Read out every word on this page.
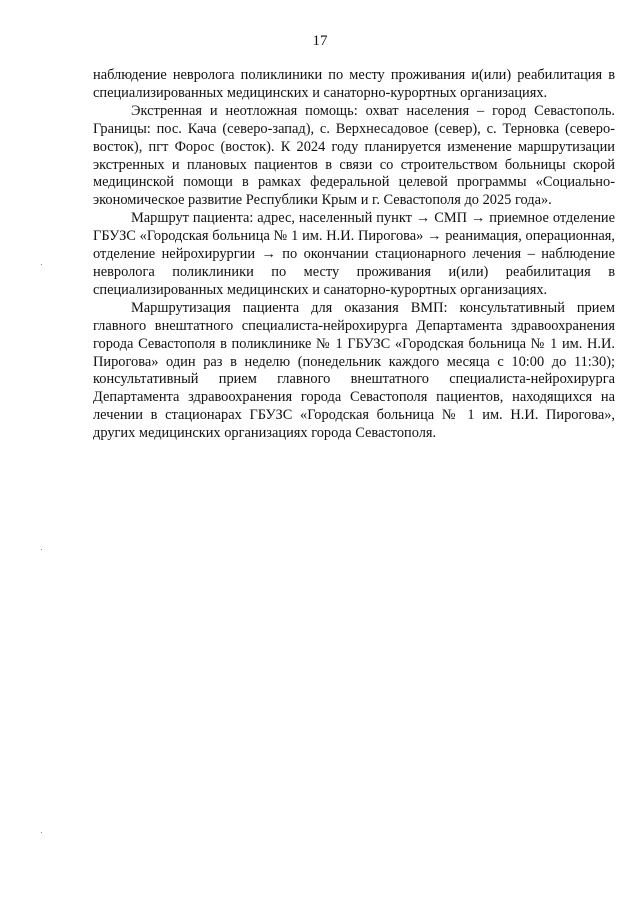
17

наблюдение невролога поликлиники по месту проживания и(или) реабилитация в специализированных медицинских и санаторно-курортных организациях.

Экстренная и неотложная помощь: охват населения – город Севастополь. Границы: пос. Кача (северо-запад), с. Верхнесадовое (север), с. Терновка (северо-восток), пгт Форос (восток). К 2024 году планируется изменение маршрутизации экстренных и плановых пациентов в связи со строительством больницы скорой медицинской помощи в рамках федеральной целевой программы «Социально-экономическое развитие Республики Крым и г. Севастополя до 2025 года».

Маршрут пациента: адрес, населенный пункт → СМП → приемное отделение ГБУЗС «Городская больница № 1 им. Н.И. Пирогова» → реанимация, операционная, отделение нейрохирургии → по окончании стационарного лечения – наблюдение невролога поликлиники по месту проживания и(или) реабилитация в специализированных медицинских и санаторно-курортных организациях.

Маршрутизация пациента для оказания ВМП: консультативный прием главного внештатного специалиста-нейрохирурга Департамента здравоохранения города Севастополя в поликлинике № 1 ГБУЗС «Городская больница № 1 им. Н.И. Пирогова» один раз в неделю (понедельник каждого месяца с 10:00 до 11:30); консультативный прием главного внештатного специалиста-нейрохирурга Департамента здравоохранения города Севастополя пациентов, находящихся на лечении в стационарах ГБУЗС «Городская больница № 1 им. Н.И. Пирогова», других медицинских организациях города Севастополя.
